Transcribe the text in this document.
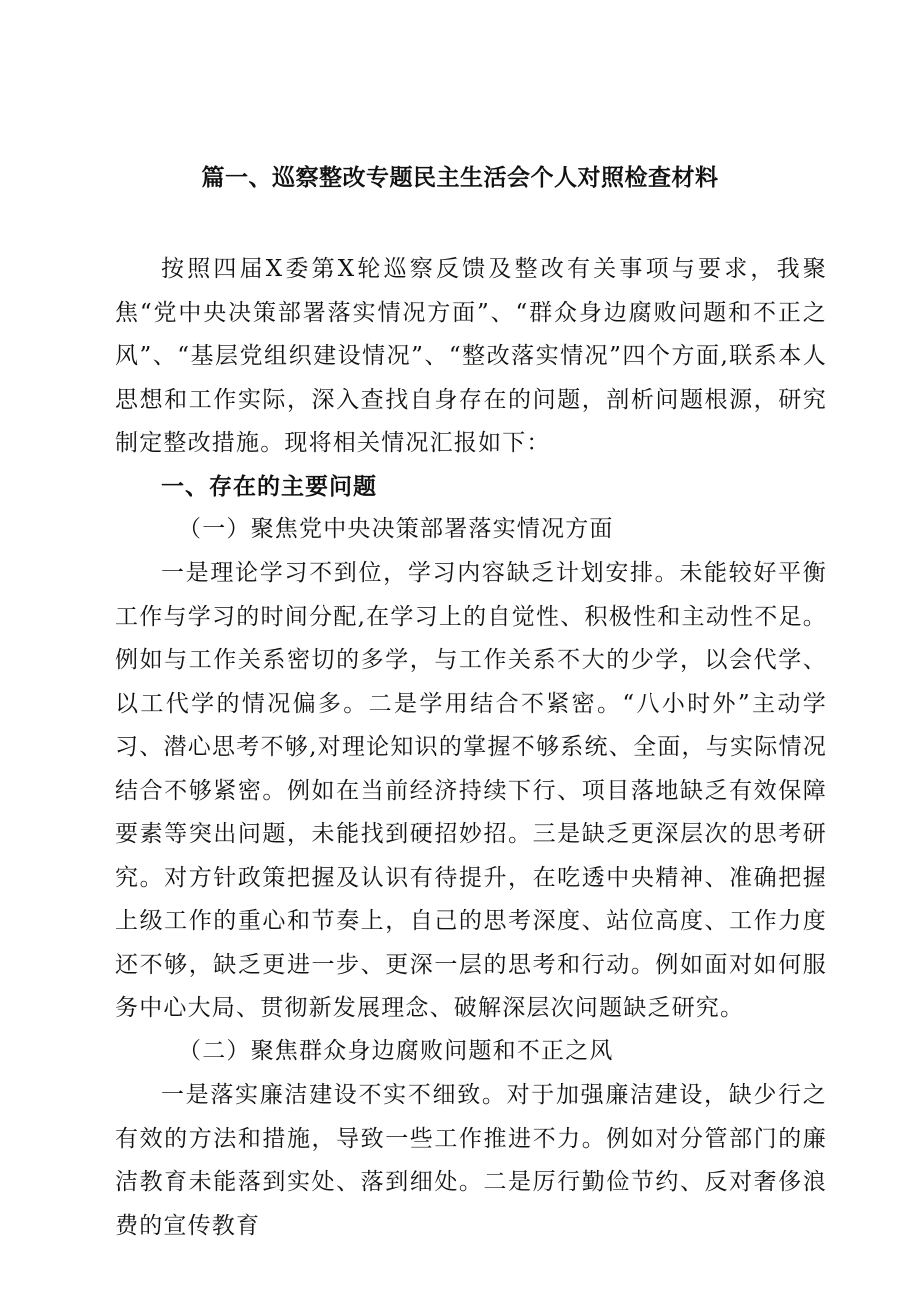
篇一、巡察整改专题民主生活会个人对照检查材料

按照四届X委第X轮巡察反馈及整改有关事项与要求，我聚焦“党中央决策部署落实情况方面”、“群众身边腐败问题和不正之风”、“基层党组织建设情况”、“整改落实情况”四个方面,联系本人思想和工作实际，深入查找自身存在的问题，剖析问题根源，研究制定整改措施。现将相关情况汇报如下：

一、存在的主要问题
（一）聚焦党中央决策部署落实情况方面

一是理论学习不到位，学习内容缺乏计划安排。未能较好平衡工作与学习的时间分配,在学习上的自觉性、积极性和主动性不足。例如与工作关系密切的多学，与工作关系不大的少学，以会代学、以工代学的情况偏多。二是学用结合不紧密。“八小时外”主动学习、潜心思考不够,对理论知识的掌握不够系统、全面，与实际情况结合不够紧密。例如在当前经济持续下行、项目落地缺乏有效保障要素等突出问题，未能找到硬招妙招。三是缺乏更深层次的思考研究。对方针政策把握及认识有待提升，在吃透中央精神、准确把握上级工作的重心和节奏上，自己的思考深度、站位高度、工作力度还不够，缺乏更进一步、更深一层的思考和行动。例如面对如何服务中心大局、贯彻新发展理念、破解深层次问题缺乏研究。

（二）聚焦群众身边腐败问题和不正之风

一是落实廉洁建设不实不细致。对于加强廉洁建设，缺少行之有效的方法和措施，导致一些工作推进不力。例如对分管部门的廉洁教育未能落到实处、落到细处。二是厉行勤俭节约、反对奢侈浪费的宣传教育
